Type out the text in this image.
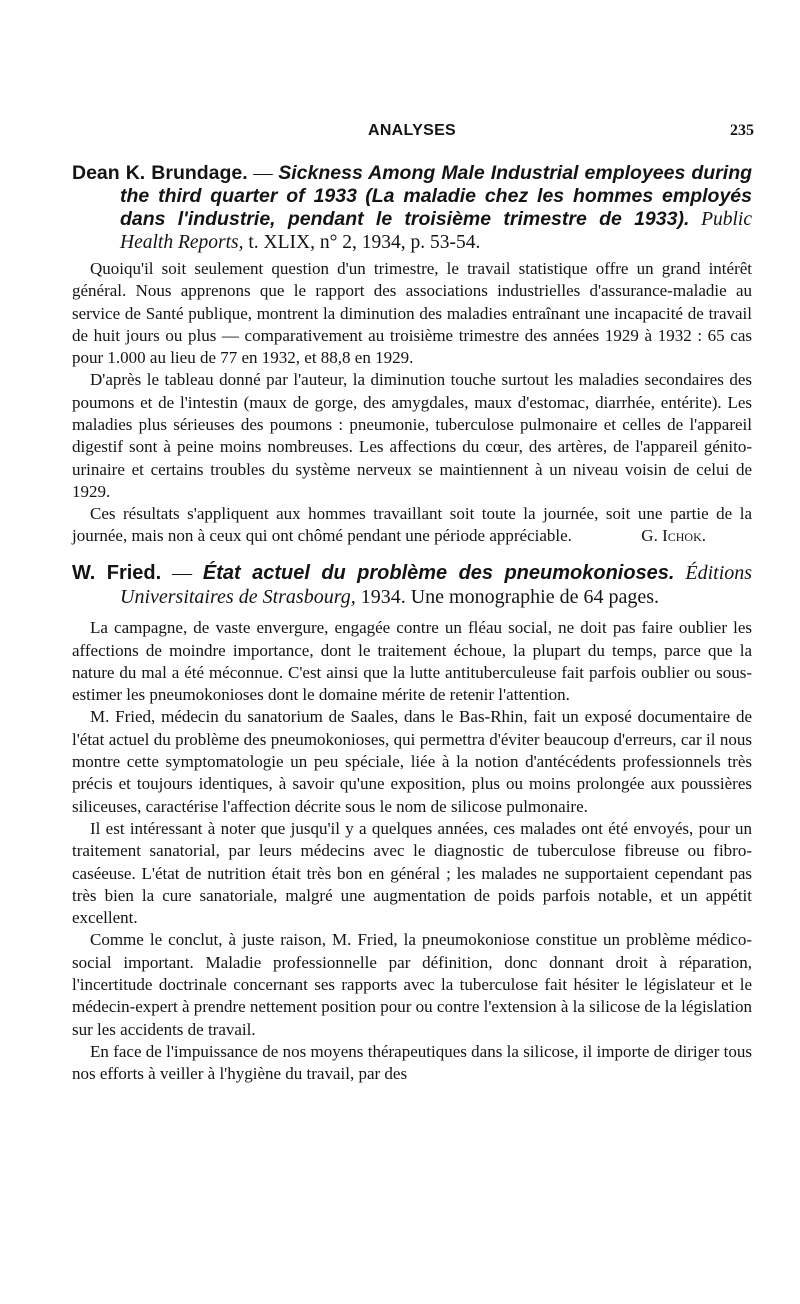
ANALYSES	235

Dean K. Brundage. — Sickness Among Male Industrial employees during the third quarter of 1933 (La maladie chez les hommes employés dans l'industrie, pendant le troisième trimestre de 1933). Public Health Reports, t. XLIX, n° 2, 1934, p. 53-54.

Quoiqu'il soit seulement question d'un trimestre, le travail statistique offre un grand intérêt général. Nous apprenons que le rapport des associations industrielles d'assurance-maladie au service de Santé publique, montrent la diminution des maladies entraînant une incapacité de travail de huit jours ou plus — comparativement au troisième trimestre des années 1929 à 1932 : 65 cas pour 1.000 au lieu de 77 en 1932, et 88,8 en 1929.

D'après le tableau donné par l'auteur, la diminution touche surtout les maladies secondaires des poumons et de l'intestin (maux de gorge, des amygdales, maux d'estomac, diarrhée, entérite). Les maladies plus sérieuses des poumons : pneumonie, tuberculose pulmonaire et celles de l'appareil digestif sont à peine moins nombreuses. Les affections du cœur, des artères, de l'appareil génito-urinaire et certains troubles du système nerveux se maintiennent à un niveau voisin de celui de 1929.

Ces résultats s'appliquent aux hommes travaillant soit toute la journée, soit une partie de la journée, mais non à ceux qui ont chômé pendant une période appréciable.	G. Ichok.

W. Fried. — État actuel du problème des pneumokonioses. Éditions Universitaires de Strasbourg, 1934. Une monographie de 64 pages.

La campagne, de vaste envergure, engagée contre un fléau social, ne doit pas faire oublier les affections de moindre importance, dont le traitement échoue, la plupart du temps, parce que la nature du mal a été méconnue. C'est ainsi que la lutte antituberculeuse fait parfois oublier ou sous-estimer les pneumokonioses dont le domaine mérite de retenir l'attention.

M. Fried, médecin du sanatorium de Saales, dans le Bas-Rhin, fait un exposé documentaire de l'état actuel du problème des pneumokonioses, qui permettra d'éviter beaucoup d'erreurs, car il nous montre cette symptomatologie un peu spéciale, liée à la notion d'antécédents professionnels très précis et toujours identiques, à savoir qu'une exposition, plus ou moins prolongée aux poussières siliceuses, caractérise l'affection décrite sous le nom de silicose pulmonaire.

Il est intéressant à noter que jusqu'il y a quelques années, ces malades ont été envoyés, pour un traitement sanatorial, par leurs médecins avec le diagnostic de tuberculose fibreuse ou fibro-caséeuse. L'état de nutrition était très bon en général ; les malades ne supportaient cependant pas très bien la cure sanatoriale, malgré une augmentation de poids parfois notable, et un appétit excellent.

Comme le conclut, à juste raison, M. Fried, la pneumokoniose constitue un problème médico-social important. Maladie professionnelle par définition, donc donnant droit à réparation, l'incertitude doctrinale concernant ses rapports avec la tuberculose fait hésiter le législateur et le médecin-expert à prendre nettement position pour ou contre l'extension à la silicose de la législation sur les accidents de travail.

En face de l'impuissance de nos moyens thérapeutiques dans la silicose, il importe de diriger tous nos efforts à veiller à l'hygiène du travail, par des
